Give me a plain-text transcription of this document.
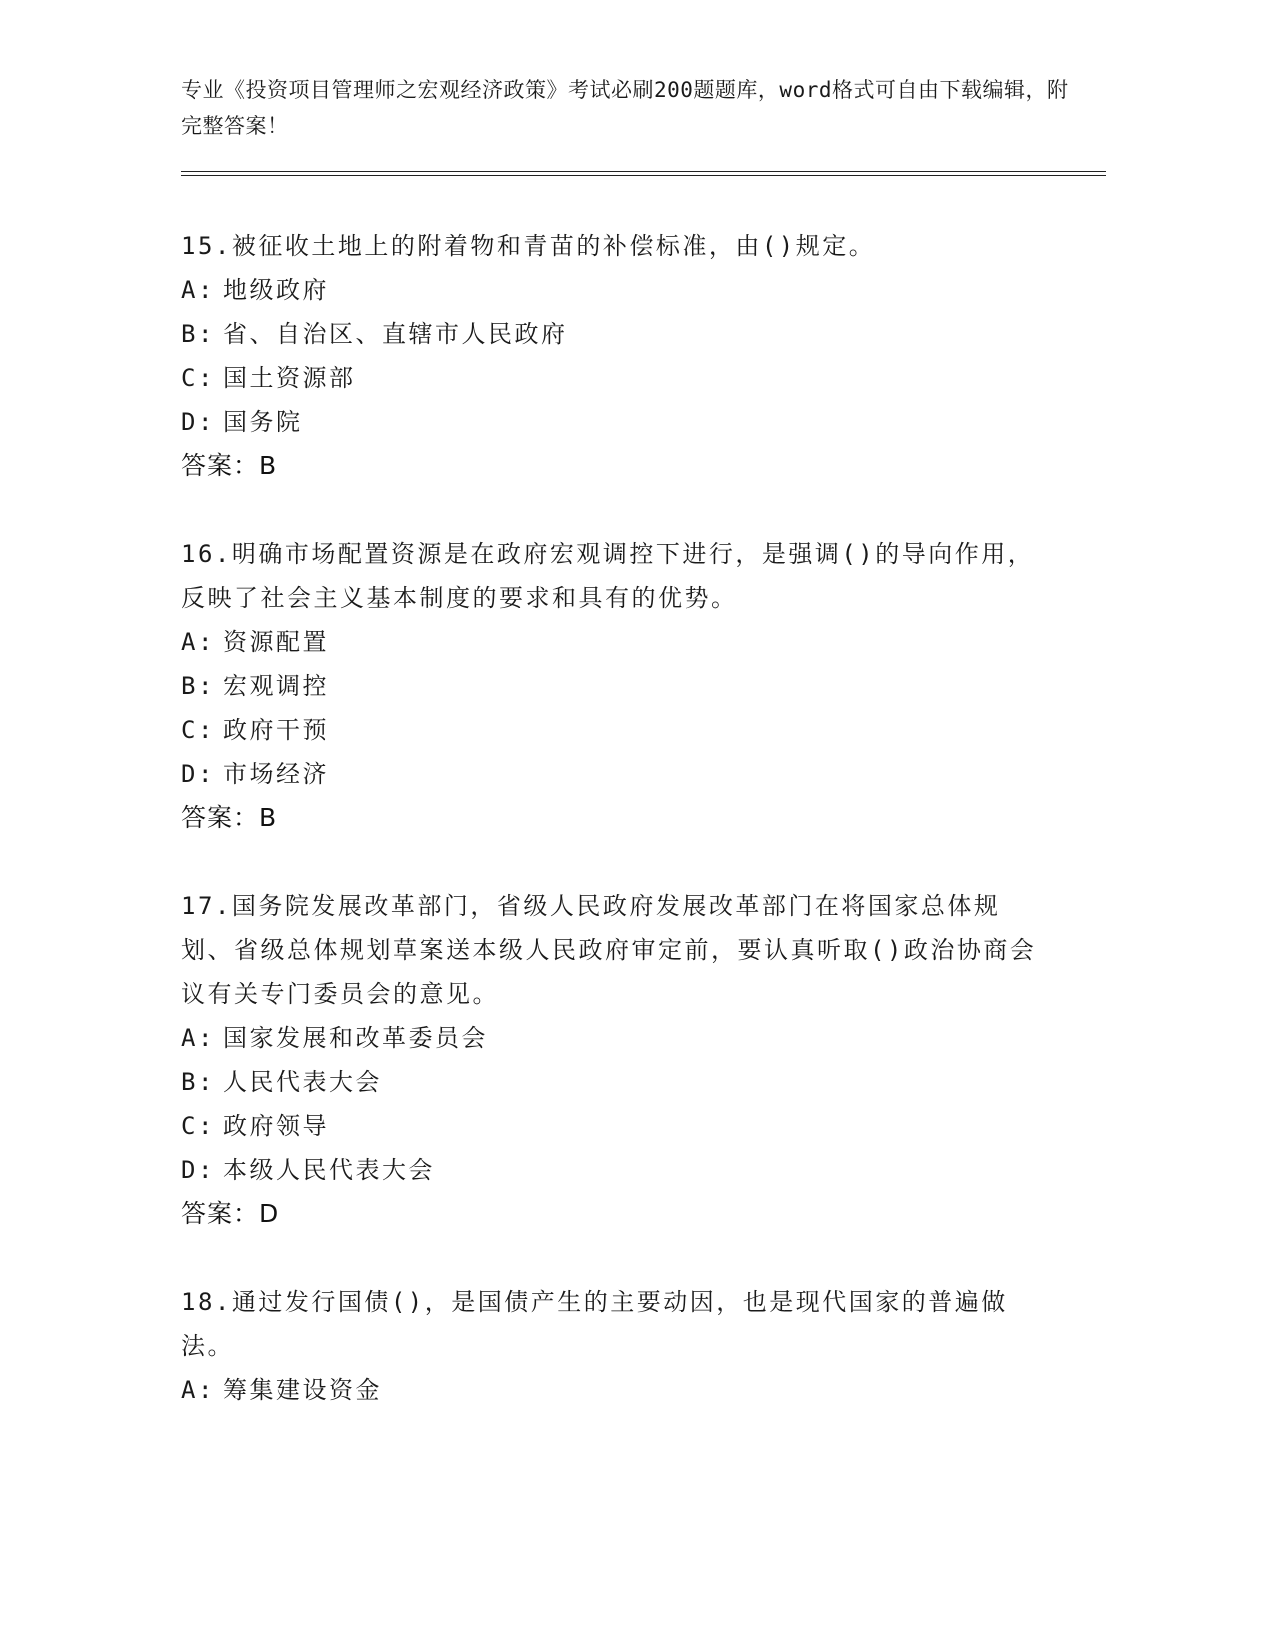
专业《投资项目管理师之宏观经济政策》考试必刷200题题库，word格式可自由下载编辑，附完整答案！
15.被征收土地上的附着物和青苗的补偿标准，由()规定。
A: 地级政府
B: 省、自治区、直辖市人民政府
C: 国土资源部
D: 国务院
答案：B
16.明确市场配置资源是在政府宏观调控下进行，是强调()的导向作用，反映了社会主义基本制度的要求和具有的优势。
A: 资源配置
B: 宏观调控
C: 政府干预
D: 市场经济
答案：B
17.国务院发展改革部门，省级人民政府发展改革部门在将国家总体规划、省级总体规划草案送本级人民政府审定前，要认真听取()政治协商会议有关专门委员会的意见。
A: 国家发展和改革委员会
B: 人民代表大会
C: 政府领导
D: 本级人民代表大会
答案：D
18.通过发行国债()，是国债产生的主要动因，也是现代国家的普遍做法。
A: 筹集建设资金
